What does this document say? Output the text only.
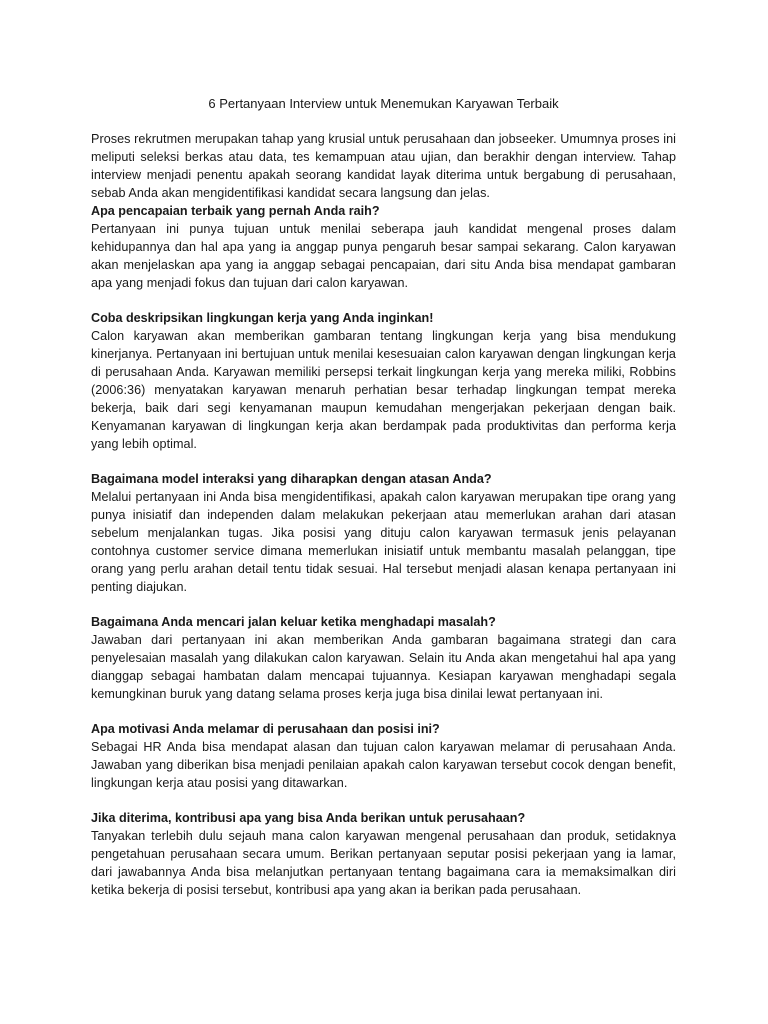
6 Pertanyaan Interview untuk Menemukan Karyawan Terbaik

Proses rekrutmen merupakan tahap yang krusial untuk perusahaan dan jobseeker. Umumnya proses ini meliputi seleksi berkas atau data, tes kemampuan atau ujian, dan berakhir dengan interview. Tahap interview menjadi penentu apakah seorang kandidat layak diterima untuk bergabung di perusahaan, sebab Anda akan mengidentifikasi kandidat secara langsung dan jelas.

Apa pencapaian terbaik yang pernah Anda raih?

Pertanyaan ini punya tujuan untuk menilai seberapa jauh kandidat mengenal proses dalam kehidupannya dan hal apa yang ia anggap punya pengaruh besar sampai sekarang. Calon karyawan akan menjelaskan apa yang ia anggap sebagai pencapaian, dari situ Anda bisa mendapat gambaran apa yang menjadi fokus dan tujuan dari calon karyawan.

Coba deskripsikan lingkungan kerja yang Anda inginkan!

Calon karyawan akan memberikan gambaran tentang lingkungan kerja yang bisa mendukung kinerjanya. Pertanyaan ini bertujuan untuk menilai kesesuaian calon karyawan dengan lingkungan kerja di perusahaan Anda. Karyawan memiliki persepsi terkait lingkungan kerja yang mereka miliki, Robbins (2006:36) menyatakan karyawan menaruh perhatian besar terhadap lingkungan tempat mereka bekerja, baik dari segi kenyamanan maupun kemudahan mengerjakan pekerjaan dengan baik. Kenyamanan karyawan di lingkungan kerja akan berdampak pada produktivitas dan performa kerja yang lebih optimal.

Bagaimana model interaksi yang diharapkan dengan atasan Anda?

Melalui pertanyaan ini Anda bisa mengidentifikasi, apakah calon karyawan merupakan tipe orang yang punya inisiatif dan independen dalam melakukan pekerjaan atau memerlukan arahan dari atasan sebelum menjalankan tugas. Jika posisi yang dituju calon karyawan termasuk jenis pelayanan contohnya customer service dimana memerlukan inisiatif untuk membantu masalah pelanggan, tipe orang yang perlu arahan detail tentu tidak sesuai. Hal tersebut menjadi alasan kenapa pertanyaan ini penting diajukan.

Bagaimana Anda mencari jalan keluar ketika menghadapi masalah?

Jawaban dari pertanyaan ini akan memberikan Anda gambaran bagaimana strategi dan cara penyelesaian masalah yang dilakukan calon karyawan. Selain itu Anda akan mengetahui hal apa yang dianggap sebagai hambatan dalam mencapai tujuannya. Kesiapan karyawan menghadapi segala kemungkinan buruk yang datang selama proses kerja juga bisa dinilai lewat pertanyaan ini.

Apa motivasi Anda melamar di perusahaan dan posisi ini?

Sebagai HR Anda bisa mendapat alasan dan tujuan calon karyawan melamar di perusahaan Anda. Jawaban yang diberikan bisa menjadi penilaian apakah calon karyawan tersebut cocok dengan benefit, lingkungan kerja atau posisi yang ditawarkan.

Jika diterima, kontribusi apa yang bisa Anda berikan untuk perusahaan?

Tanyakan terlebih dulu sejauh mana calon karyawan mengenal perusahaan dan produk, setidaknya pengetahuan perusahaan secara umum. Berikan pertanyaan seputar posisi pekerjaan yang ia lamar, dari jawabannya Anda bisa melanjutkan pertanyaan tentang bagaimana cara ia memaksimalkan diri ketika bekerja di posisi tersebut, kontribusi apa yang akan ia berikan pada perusahaan.
